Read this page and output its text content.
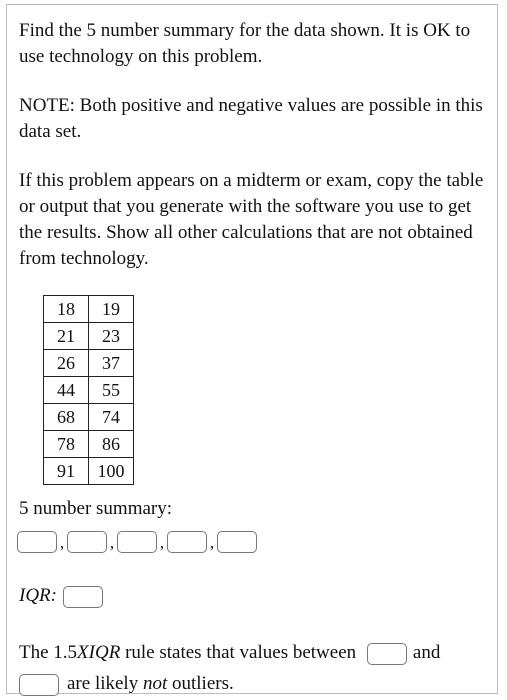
Find the 5 number summary for the data shown. It is OK to use technology on this problem.

NOTE: Both positive and negative values are possible in this data set.

If this problem appears on a midterm or exam, copy the table or output that you generate with the software you use to get the results. Show all other calculations that are not obtained from technology.

18	19
21	23
26	37
44	55
68	74
78	86
91	100
5 number summary:
,	,	,	,
IQR:
The 1.5XIQR rule states that values between	and
are likely not outliers.
